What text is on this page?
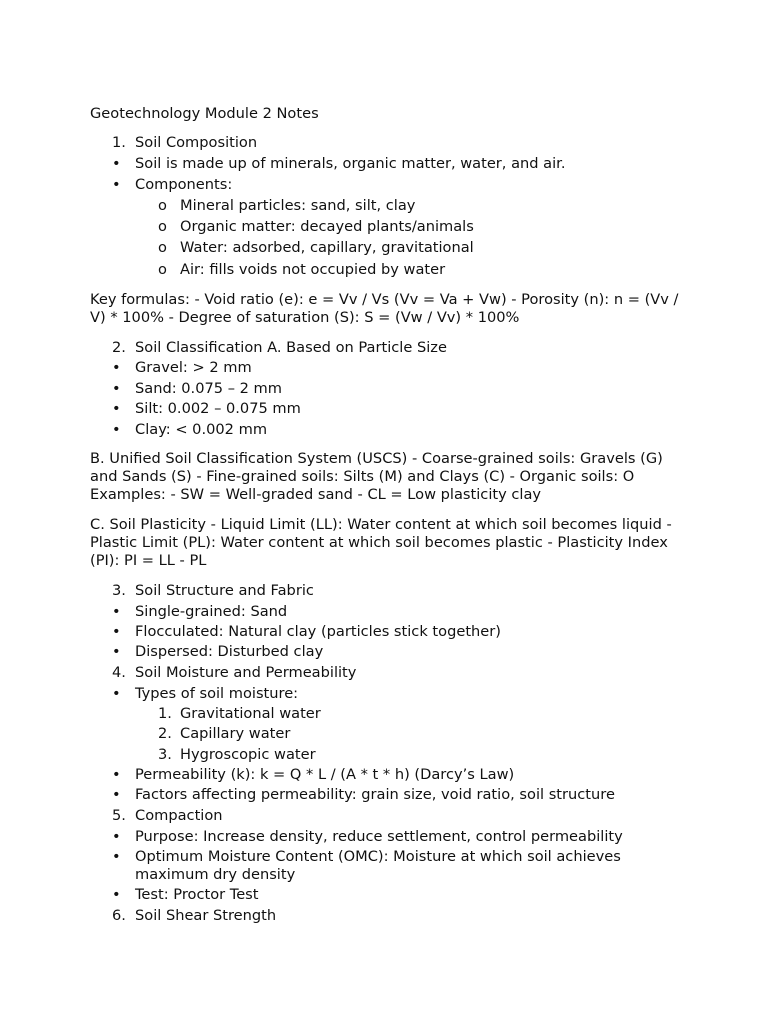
Geotechnology Module 2 Notes

1. Soil Composition

• Soil is made up of minerals, organic matter, water, and air.

• Components:

o Mineral particles: sand, silt, clay

o Organic matter: decayed plants/animals

o Water: adsorbed, capillary, gravitational

o Air: fills voids not occupied by water

Key formulas: - Void ratio (e): e = Vv / Vs (Vv = Va + Vw) - Porosity (n): n = (Vv / V) * 100% - Degree of saturation (S): S = (Vw / Vv) * 100%

2. Soil Classification A. Based on Particle Size

• Gravel: > 2 mm

• Sand: 0.075 – 2 mm

• Silt: 0.002 – 0.075 mm

• Clay: < 0.002 mm

B. Unified Soil Classification System (USCS) - Coarse-grained soils: Gravels (G) and Sands (S) - Fine-grained soils: Silts (M) and Clays (C) - Organic soils: O Examples: - SW = Well-graded sand - CL = Low plasticity clay

C. Soil Plasticity - Liquid Limit (LL): Water content at which soil becomes liquid - Plastic Limit (PL): Water content at which soil becomes plastic - Plasticity Index (PI): PI = LL - PL

3. Soil Structure and Fabric

• Single-grained: Sand

• Flocculated: Natural clay (particles stick together)

• Dispersed: Disturbed clay

4. Soil Moisture and Permeability

• Types of soil moisture:

1. Gravitational water

2. Capillary water

3. Hygroscopic water

• Permeability (k): k = Q * L / (A * t * h) (Darcy’s Law)

• Factors affecting permeability: grain size, void ratio, soil structure

5. Compaction

• Purpose: Increase density, reduce settlement, control permeability

• Optimum Moisture Content (OMC): Moisture at which soil achieves

maximum dry density

• Test: Proctor Test

6. Soil Shear Strength
